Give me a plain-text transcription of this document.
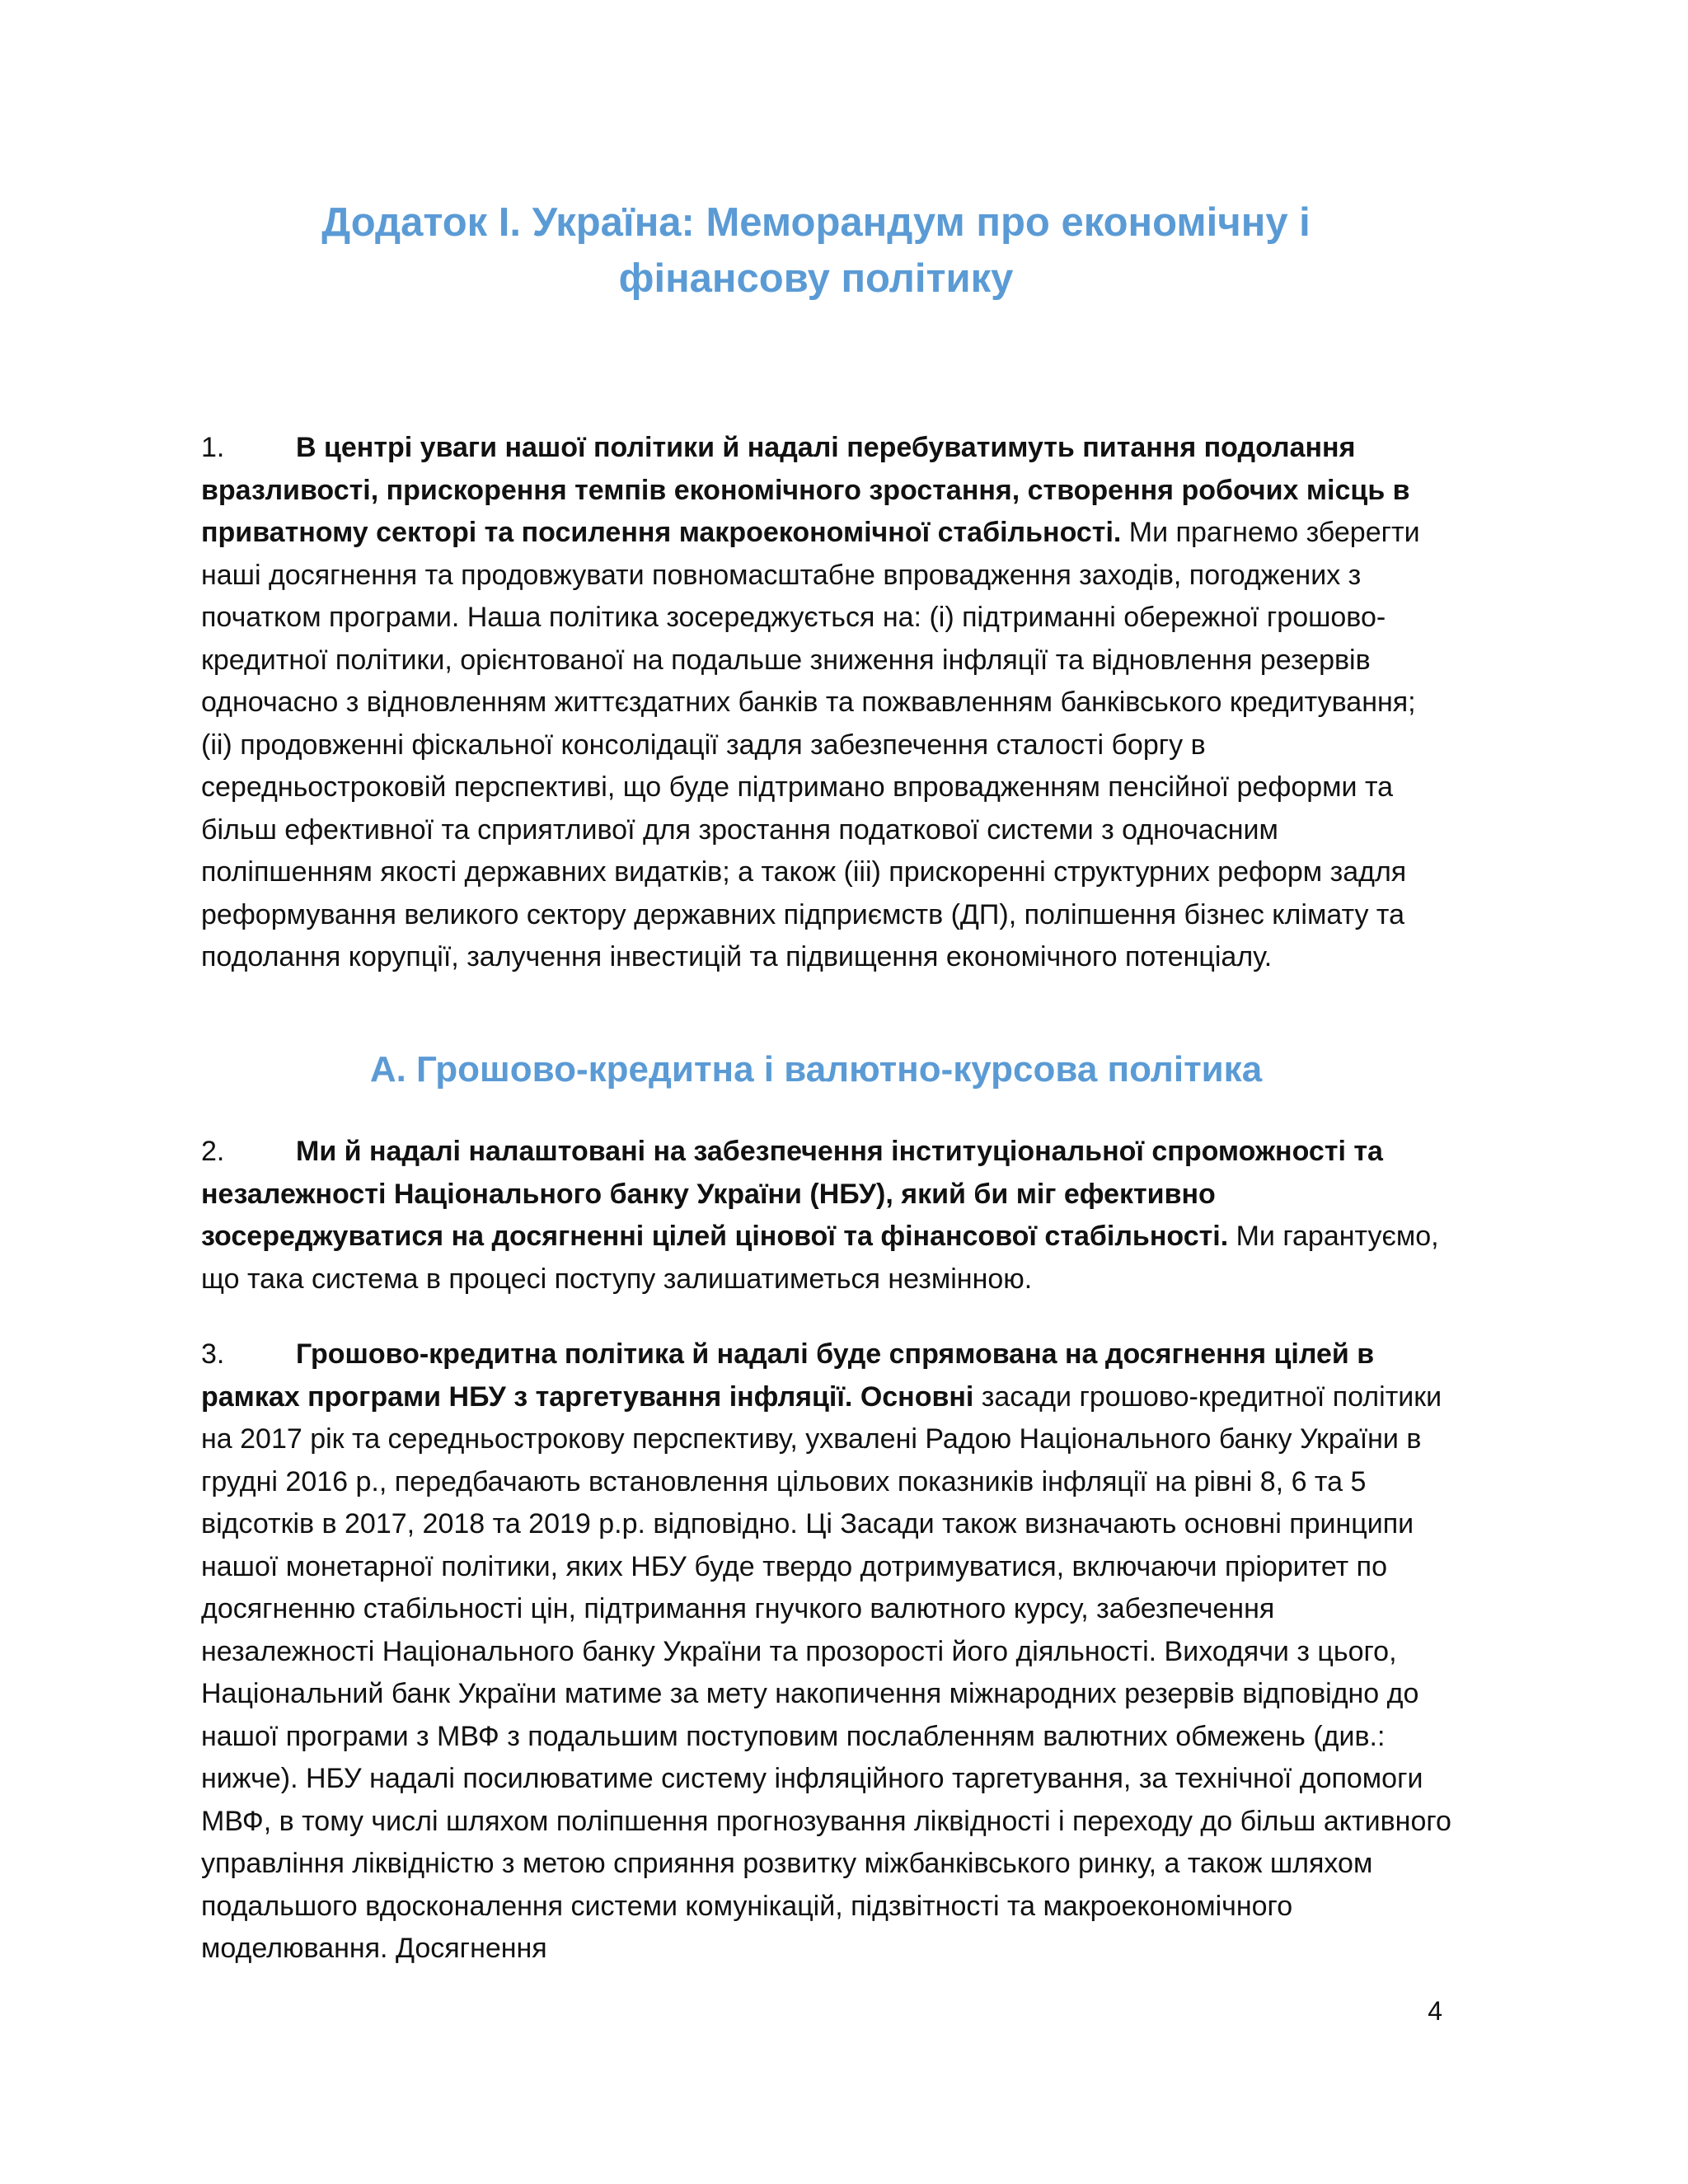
Додаток I. Україна: Меморандум про економічну і
фінансову політику

1.	В центрі уваги нашої політики й надалі перебуватимуть питання подолання вразливості, прискорення темпів економічного зростання, створення робочих місць в приватному секторі та посилення макроекономічної стабільності. Ми прагнемо зберегти наші досягнення та продовжувати повномасштабне впровадження заходів, погоджених з початком програми. Наша політика зосереджується на: (i) підтриманні обережної грошово-кредитної політики, орієнтованої на подальше зниження інфляції та відновлення резервів одночасно з відновленням життєздатних банків та пожвавленням банківського кредитування; (ii) продовженні фіскальної консолідації задля забезпечення сталості боргу в середньостроковій перспективі, що буде підтримано впровадженням пенсійної реформи та більш ефективної та сприятливої для зростання податкової системи з одночасним поліпшенням якості державних видатків; а також (iii) прискоренні структурних реформ задля реформування великого сектору державних підприємств (ДП), поліпшення бізнес клімату та подолання корупції, залучення інвестицій та підвищення економічного потенціалу.

А. Грошово-кредитна і валютно-курсова політика

2.	Ми й надалі налаштовані на забезпечення інституціональної спроможності та незалежності Національного банку України (НБУ), який би міг ефективно зосереджуватися на досягненні цілей цінової та фінансової стабільності. Ми гарантуємо, що така система в процесі поступу залишатиметься незмінною.

3.	Грошово-кредитна політика й надалі буде спрямована на досягнення цілей в рамках програми НБУ з таргетування інфляції. Основні засади грошово-кредитної політики на 2017 рік та середньострокову перспективу, ухвалені Радою Національного банку України в грудні 2016 р., передбачають встановлення цільових показників інфляції на рівні 8, 6 та 5 відсотків в 2017, 2018 та 2019 р.р. відповідно. Ці Засади також визначають основні принципи нашої монетарної політики, яких НБУ буде твердо дотримуватися, включаючи пріоритет по досягненню стабільності цін, підтримання гнучкого валютного курсу, забезпечення незалежності Національного банку України та прозорості його діяльності. Виходячи з цього, Національний банк України матиме за мету накопичення міжнародних резервів відповідно до нашої програми з МВФ з подальшим поступовим послабленням валютних обмежень (див.: нижче). НБУ надалі посилюватиме систему інфляційного таргетування, за технічної допомоги МВФ, в тому числі шляхом поліпшення прогнозування ліквідності і переходу до більш активного управління ліквідністю з метою сприяння розвитку міжбанківського ринку, а також шляхом подальшого вдосконалення системи комунікацій, підзвітності та макроекономічного моделювання. Досягнення

4
